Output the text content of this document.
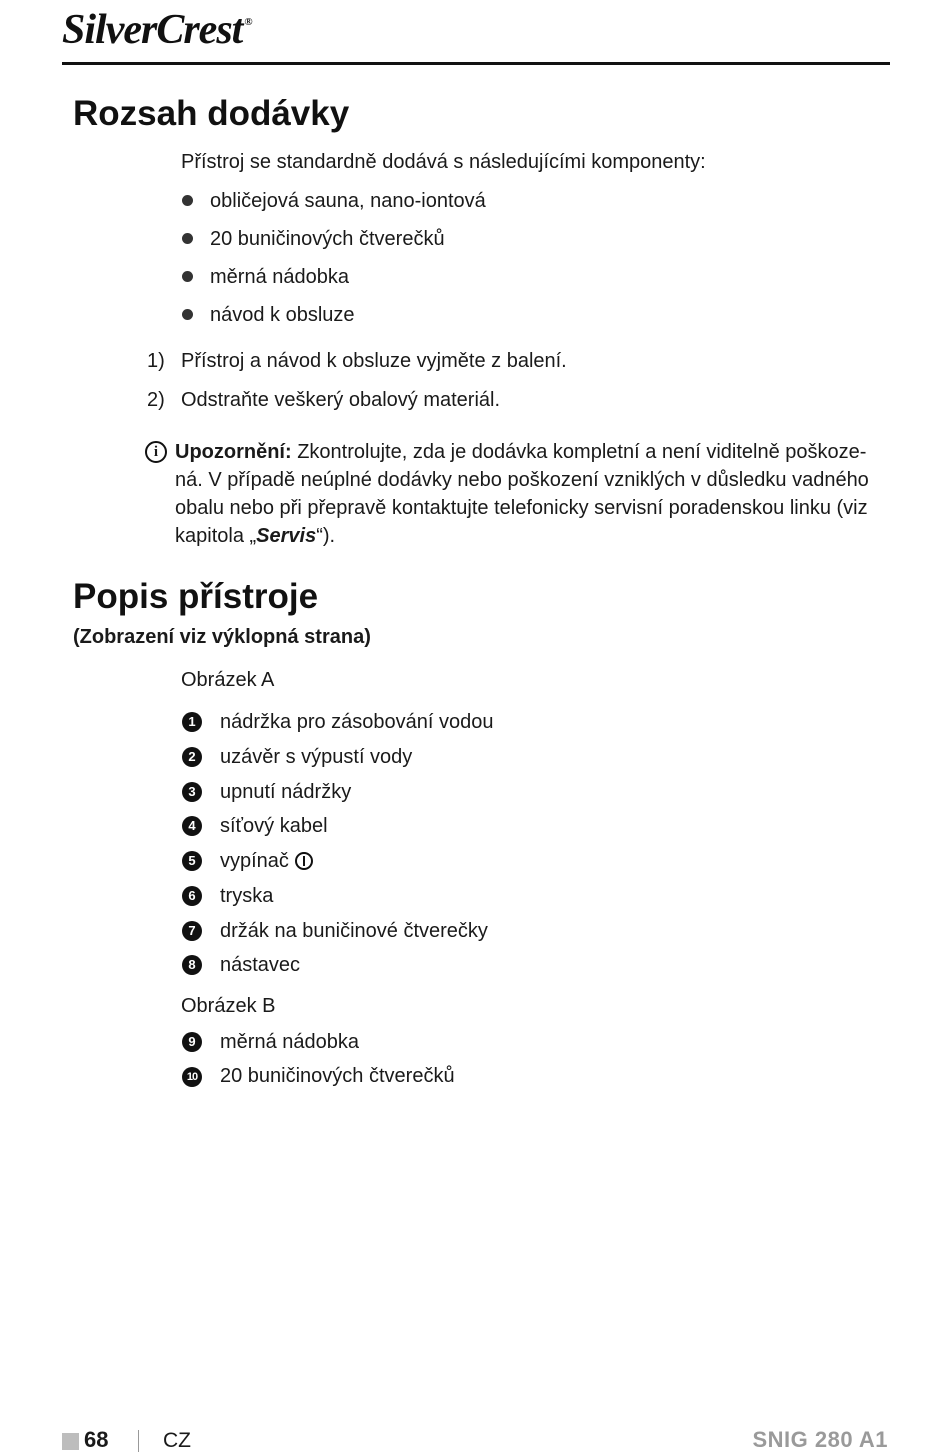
SilverCrest ®
Rozsah dodávky
Přístroj se standardně dodává s následujícími komponenty:
obličejová sauna, nano-iontová
20 buničinových čtverečků
měrná nádobka
návod k obsluze
1) Přístroj a návod k obsluze vyjměte z balení.
2) Odstraňte veškerý obalový materiál.
i Upozornění: Zkontrolujte, zda je dodávka kompletní a není viditelně poškoze-

ná. V případě neúplné dodávky nebo poškození vzniklých v důsledku vadného

obalu nebo při přepravě kontaktujte telefonicky servisní poradenskou linku (viz

kapitola „Servis“).

Popis přístroje
(Zobrazení viz výklopná strana)
Obrázek A
1	nádržka pro zásobování vodou
2	uzávěr s výpustí vody
3	upnutí nádržky
4	síťový kabel
5	vypínač
6	tryska
7	držák na buničinové čtverečky
8	nástavec
Obrázek B
9	měrná nádobka
10 20 buničinových čtverečků
68	CZ	SNIG 280 A1
